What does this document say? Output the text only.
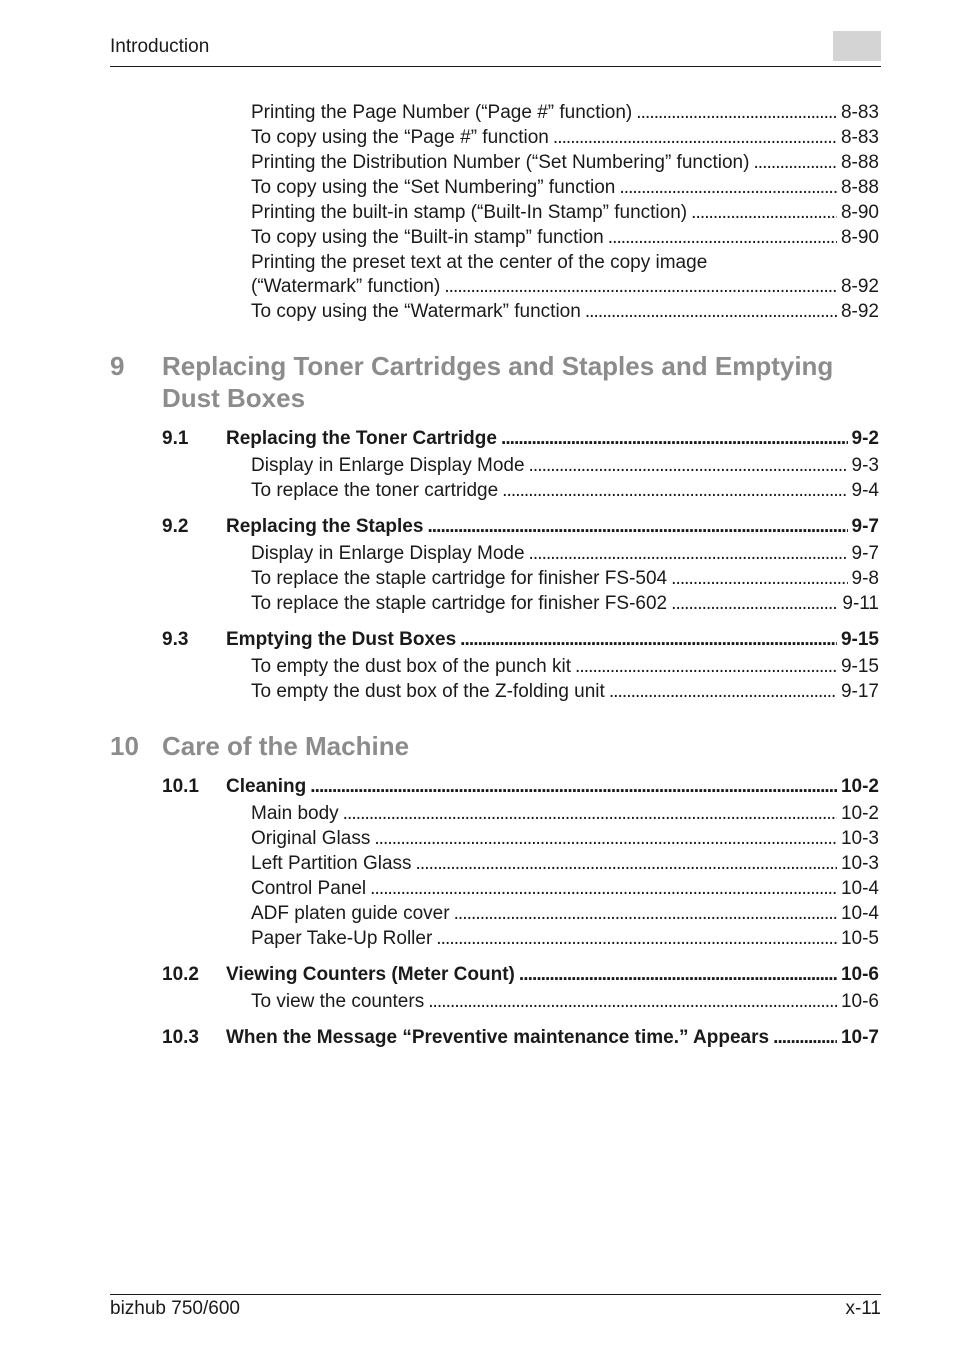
Introduction
Printing the Page Number (“Page #” function) . . .	8-83
To copy using the “Page #” function . . .	8-83
Printing the Distribution Number (“Set Numbering” function) . . .	8-88
To copy using the “Set Numbering” function . . .	8-88
Printing the built-in stamp (“Built-In Stamp” function) . . .	8-90
To copy using the “Built-in stamp” function . . .	8-90
Printing the preset text at the center of the copy image
(“Watermark” function) . . .	8-92
To copy using the “Watermark” function . . .	8-92
9 Replacing Toner Cartridges and Staples and Emptying
Dust Boxes
9.1	Replacing the Toner Cartridge . . .	9-2
Display in Enlarge Display Mode . . .	9-3
To replace the toner cartridge . . .	9-4
9.2	Replacing the Staples . . .	9-7
Display in Enlarge Display Mode . . .	9-7
To replace the staple cartridge for finisher FS-504 . . .	9-8
To replace the staple cartridge for finisher FS-602 . . .	9-11
9.3	Emptying the Dust Boxes . . .	9-15
To empty the dust box of the punch kit . . .	9-15
To empty the dust box of the Z-folding unit . . .	9-17
10 Care of the Machine
10.1	Cleaning . . .	10-2
Main body . . .	10-2
Original Glass . . .	10-3
Left Partition Glass . . .	10-3
Control Panel . . .	10-4
ADF platen guide cover . . .	10-4
Paper Take-Up Roller . . .	10-5
10.2	Viewing Counters (Meter Count) . . .	10-6
To view the counters . . .	10-6
10.3	When the Message “Preventive maintenance time.” Appears . . .	10-7
bizhub 750/600	x-11
